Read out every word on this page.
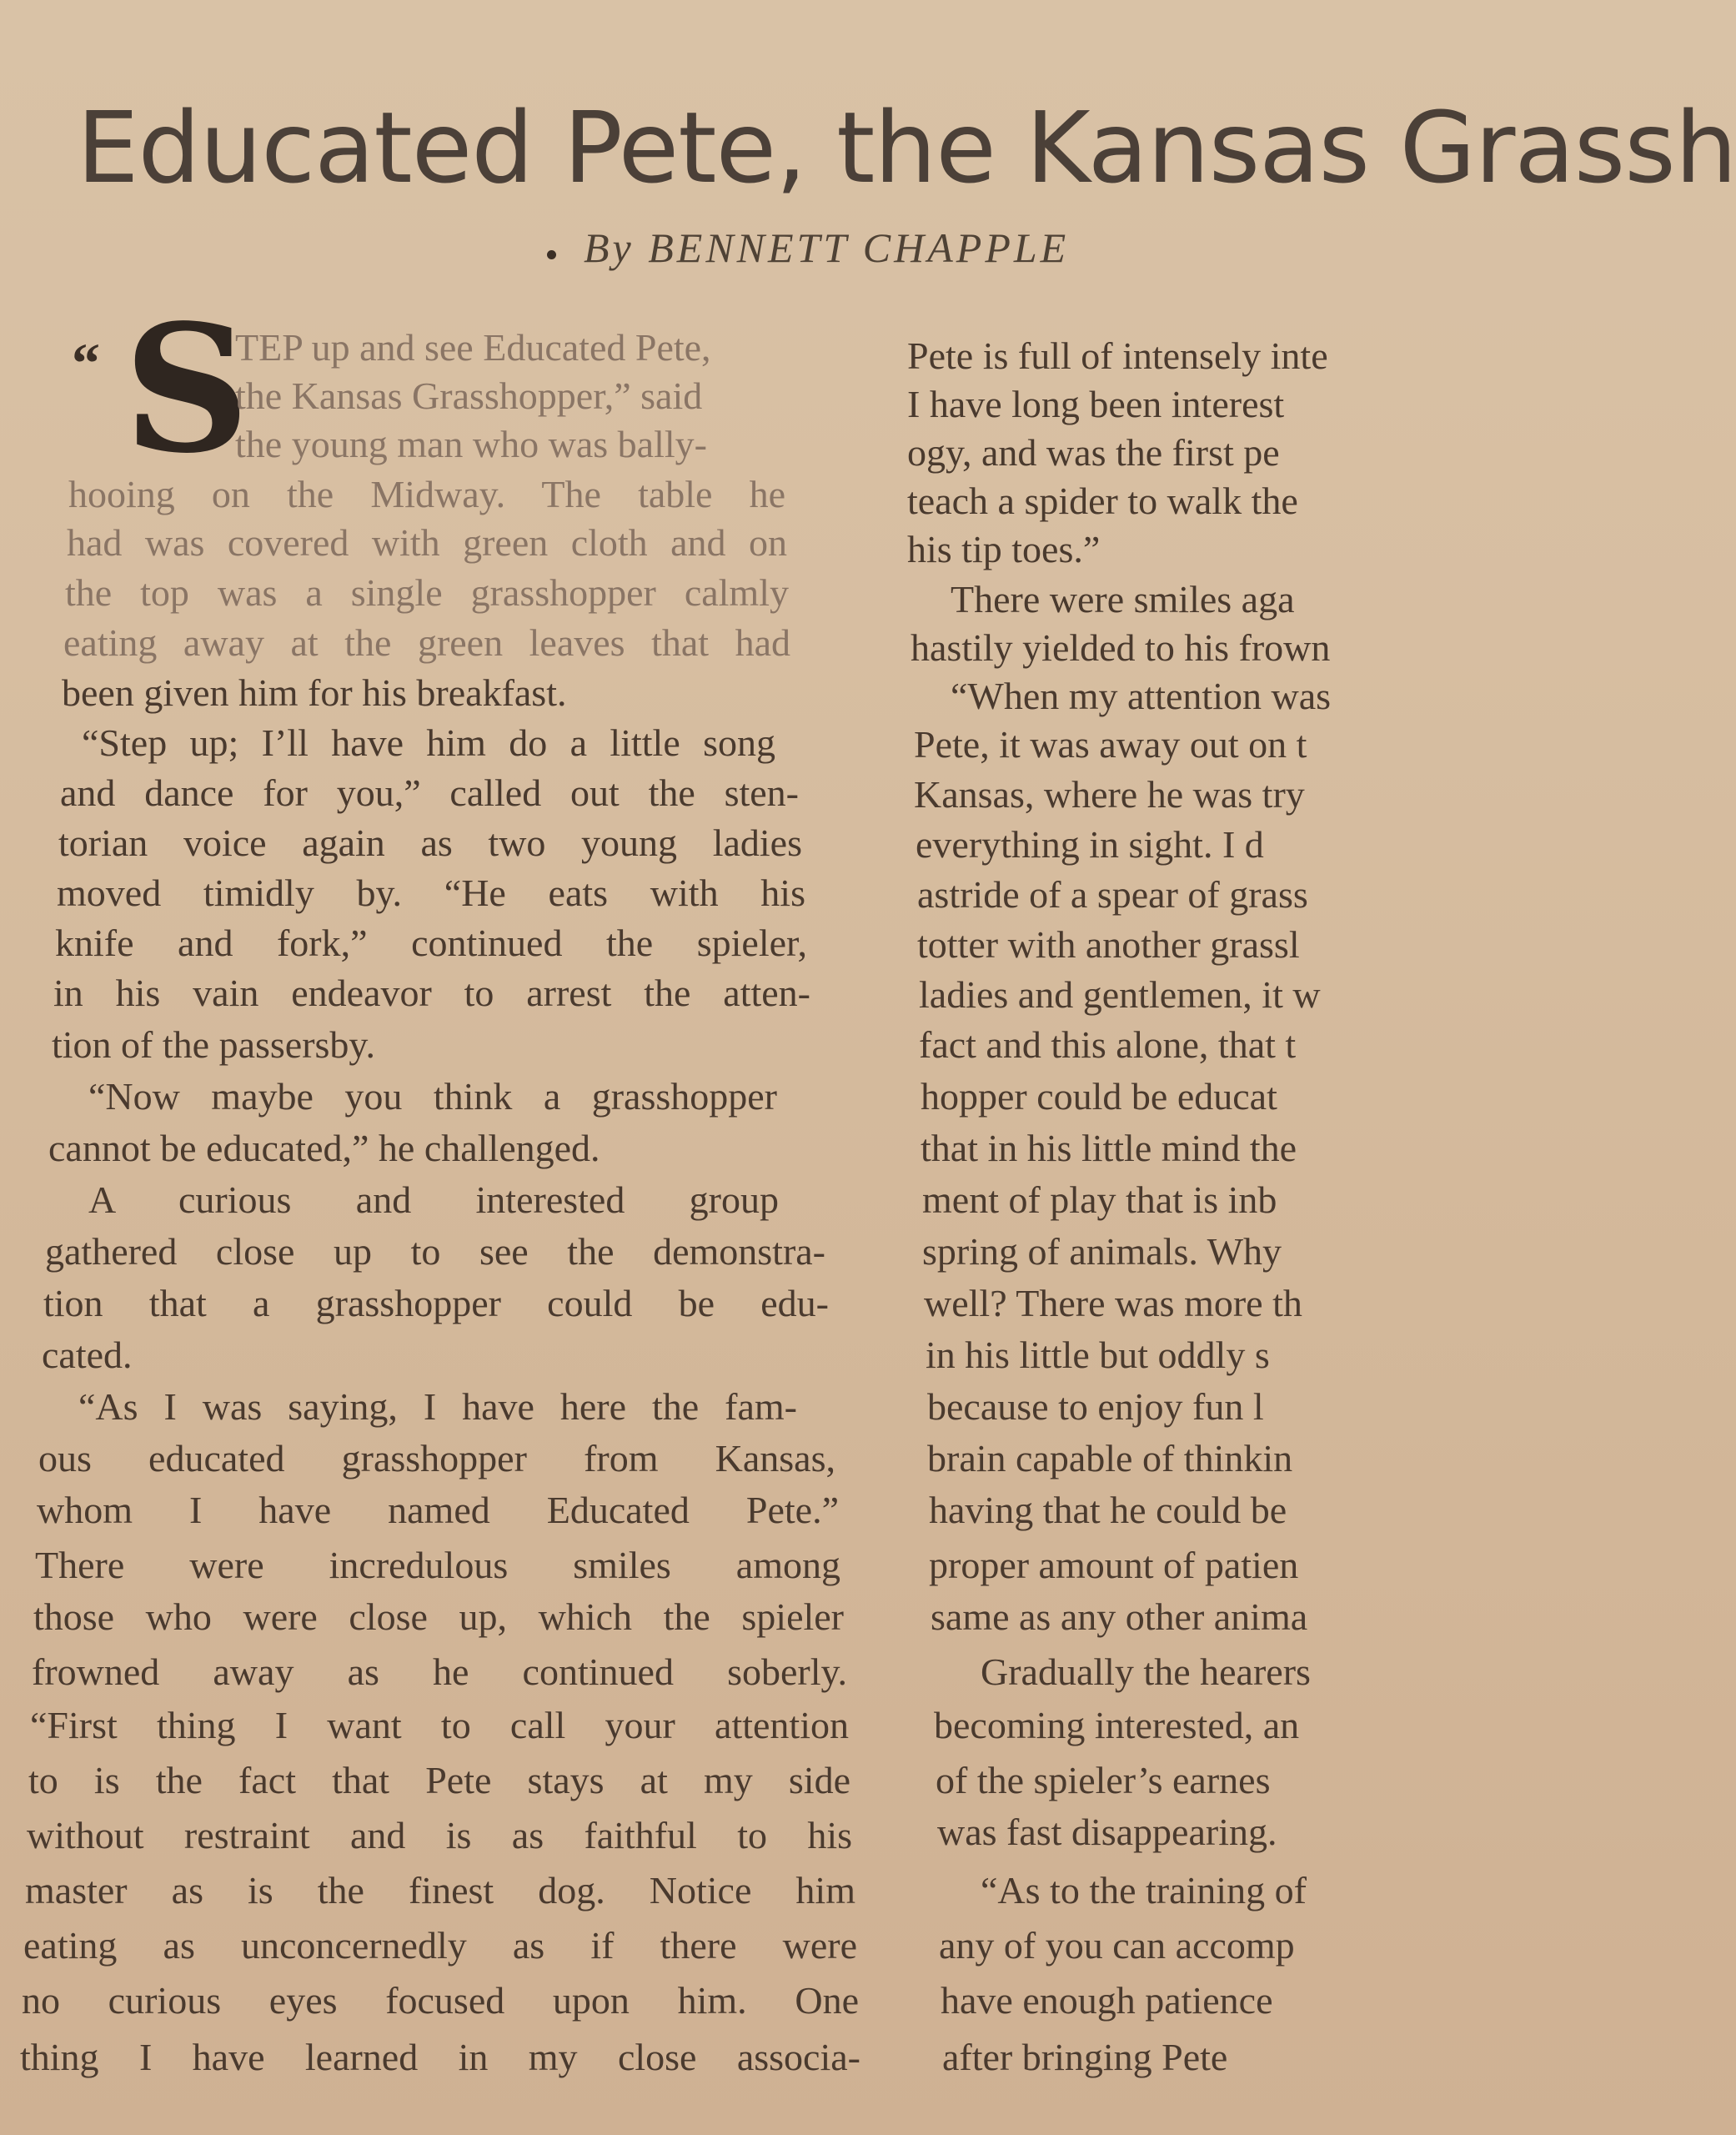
Educated Pete, the Kansas Grassh
By BENNETT CHAPPLE
“ S
TEP up and see Educated Pete,
the Kansas Grasshopper,” said
the young man who was bally-
hooing on the Midway. The table he
had was covered with green cloth and on
the top was a single grasshopper calmly
eating away at the green leaves that had
been given him for his breakfast.
“Step up; I’ll have him do a little song
and dance for you,” called out the sten-
torian voice again as two young ladies
moved timidly by. “He eats with his
knife and fork,” continued the spieler,
in his vain endeavor to arrest the atten-
tion of the passersby.
“Now maybe you think a grasshopper
cannot be educated,” he challenged.
A curious and interested group
gathered close up to see the demonstra-
tion that a grasshopper could be edu-
cated.
“As I was saying, I have here the fam-
ous educated grasshopper from Kansas,
whom I have named Educated Pete.”
There were incredulous smiles among
those who were close up, which the spieler
frowned away as he continued soberly.
“First thing I want to call your attention
to is the fact that Pete stays at my side
without restraint and is as faithful to his
master as is the finest dog. Notice him
eating as unconcernedly as if there were
no curious eyes focused upon him. One
thing I have learned in my close associa-
Pete is full of intensely inte
I have long been interest
ogy, and was the first pe
teach a spider to walk the
his tip toes.”
There were smiles aga
hastily yielded to his frown
“When my attention was
Pete, it was away out on t
Kansas, where he was try
everything in sight. I d
astride of a spear of grass
totter with another grassl
ladies and gentlemen, it w
fact and this alone, that t
hopper could be educat
that in his little mind the
ment of play that is inb
spring of animals. Why
well? There was more th
in his little but oddly s
because to enjoy fun l
brain capable of thinkin
having that he could be
proper amount of patien
same as any other anima
Gradually the hearers
becoming interested, an
of the spieler’s earnes
was fast disappearing.
“As to the training of
any of you can accomp
have enough patience
after bringing Pete
